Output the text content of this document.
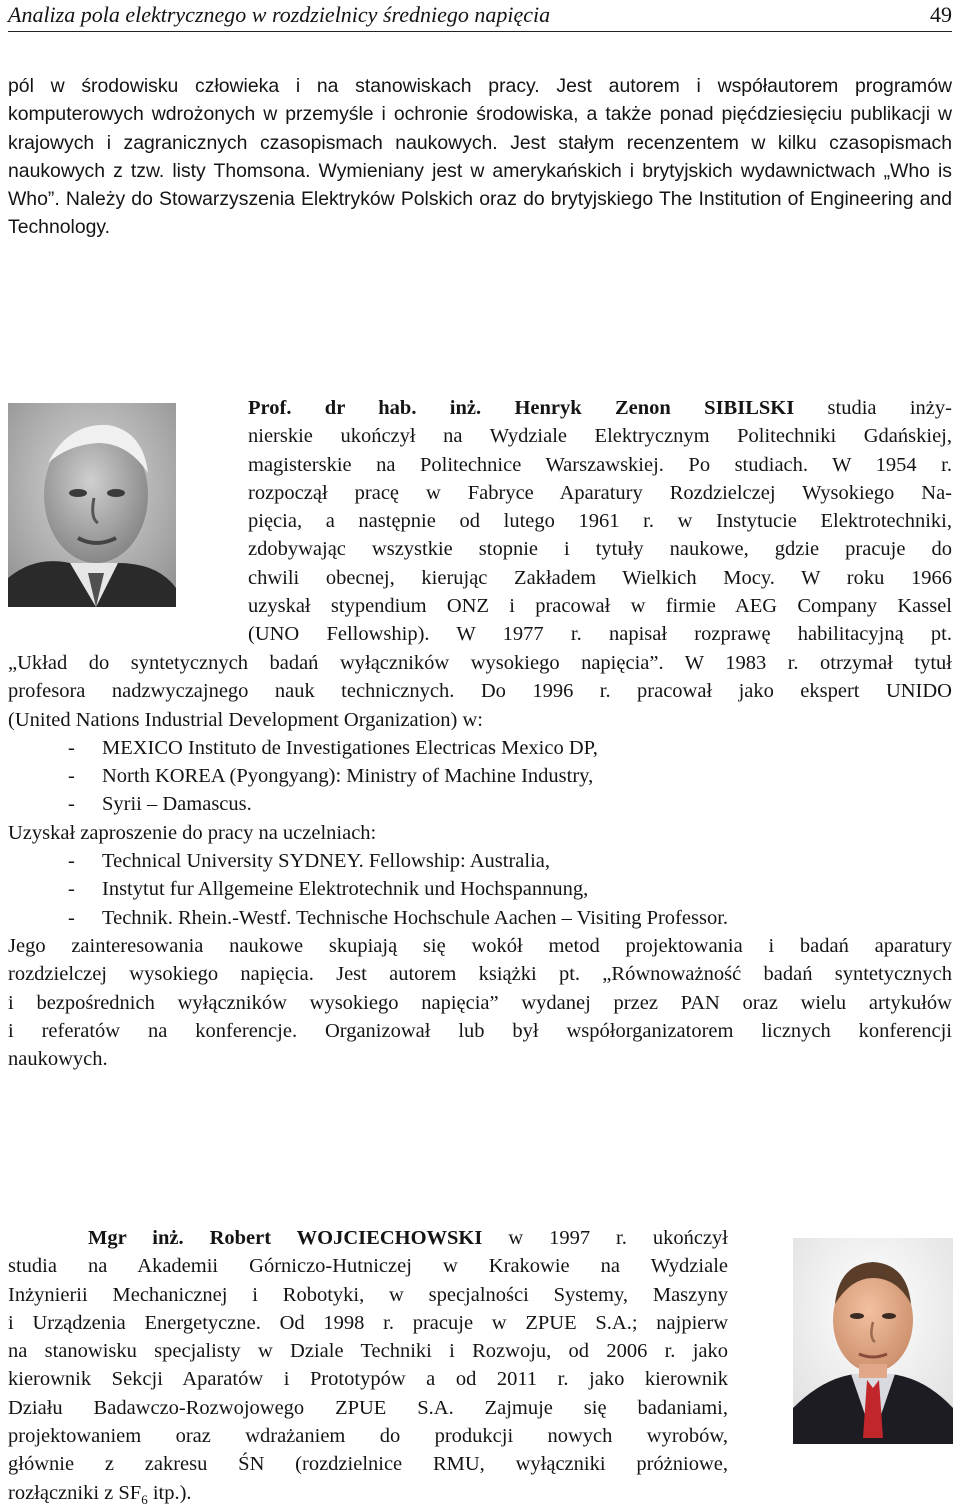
Analiza pola elektrycznego w rozdzielnicy średniego napięcia	49
pól w środowisku człowieka i na stanowiskach pracy. Jest autorem i współautorem programów komputerowych wdrożonych w przemyśle i ochronie środowiska, a także ponad pięćdziesięciu publikacji w krajowych i zagranicznych czasopismach naukowych. Jest stałym recenzentem w kilku czasopismach naukowych z tzw. listy Thomsona. Wymieniany jest w amerykańskich i brytyjskich wydawnictwach „Who is Who”. Należy do Stowarzyszenia Elektryków Polskich oraz do brytyjskiego The Institution of Engineering and Technology.
Prof. dr hab. inż. Henryk Zenon SIBILSKI studia inży-
nierskie ukończył na Wydziale Elektrycznym Politechniki Gdańskiej,
magisterskie na Politechnice Warszawskiej. Po studiach. W 1954 r.
rozpoczął pracę w Fabryce Aparatury Rozdzielczej Wysokiego Na-
pięcia, a następnie od lutego 1961 r. w Instytucie Elektrotechniki,
zdobywając wszystkie stopnie i tytuły naukowe, gdzie pracuje do
chwili obecnej, kierując Zakładem Wielkich Mocy. W roku 1966
uzyskał stypendium ONZ i pracował w firmie AEG Company Kassel
(UNO Fellowship). W 1977 r. napisał rozprawę habilitacyjną pt.
„Układ do syntetycznych badań wyłączników wysokiego napięcia”. W 1983 r. otrzymał tytuł
profesora nadzwyczajnego nauk technicznych. Do 1996 r. pracował jako ekspert UNIDO
(United Nations Industrial Development Organization) w:
- MEXICO Instituto de Investigationes Electricas Mexico DP,
- North KOREA (Pyongyang): Ministry of Machine Industry,
- Syrii – Damascus.
Uzyskał zaproszenie do pracy na uczelniach:
- Technical University SYDNEY. Fellowship: Australia,
- Instytut fur Allgemeine Elektrotechnik und Hochspannung,
- Technik. Rhein.-Westf. Technische Hochschule Aachen – Visiting Professor.
Jego zainteresowania naukowe skupiają się wokół metod projektowania i badań aparatury
rozdzielczej wysokiego napięcia. Jest autorem książki pt. „Równoważność badań syntetycznych
i bezpośrednich wyłączników wysokiego napięcia” wydanej przez PAN oraz wielu artykułów
i referatów na konferencje. Organizował lub był współorganizatorem licznych konferencji
naukowych.
Mgr inż. Robert WOJCIECHOWSKI w 1997 r. ukończył
studia na Akademii Górniczo-Hutniczej w Krakowie na Wydziale
Inżynierii Mechanicznej i Robotyki, w specjalności Systemy, Maszyny
i Urządzenia Energetyczne. Od 1998 r. pracuje w ZPUE S.A.; najpierw
na stanowisku specjalisty w Dziale Techniki i Rozwoju, od 2006 r. jako
kierownik Sekcji Aparatów i Prototypów a od 2011 r. jako kierownik
Działu Badawczo-Rozwojowego ZPUE S.A. Zajmuje się badaniami,
projektowaniem oraz wdrażaniem do produkcji nowych wyrobów,
głównie z zakresu ŚN (rozdzielnice RMU, wyłączniki próżniowe,
rozłączniki z $SF_6$ itp.).
